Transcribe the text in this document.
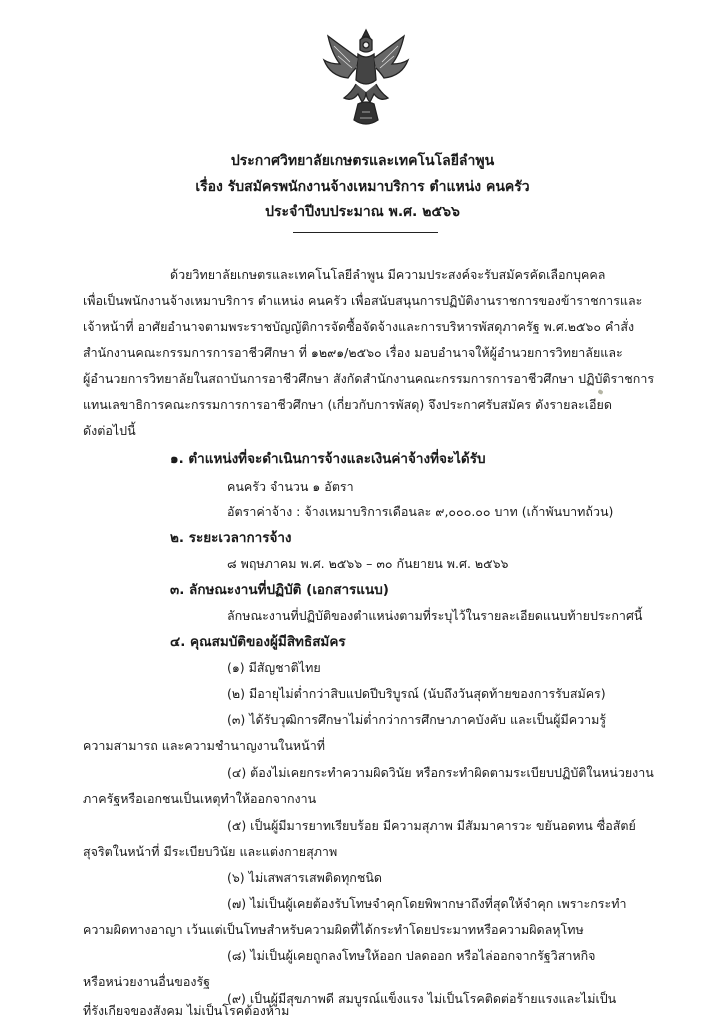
ประกาศวิทยาลัยเกษตรและเทคโนโลยีลำพูน
เรื่อง รับสมัครพนักงานจ้างเหมาบริการ ตำแหน่ง คนครัว
ประจำปีงบประมาณ พ.ศ. ๒๕๖๖
ด้วยวิทยาลัยเกษตรและเทคโนโลยีลำพูน มีความประสงค์จะรับสมัครคัดเลือกบุคคล
เพื่อเป็นพนักงานจ้างเหมาบริการ ตำแหน่ง คนครัว เพื่อสนับสนุนการปฏิบัติงานราชการของข้าราชการและ
เจ้าหน้าที่ อาศัยอำนาจตามพระราชบัญญัติการจัดซื้อจัดจ้างและการบริหารพัสดุภาครัฐ พ.ศ.๒๕๖๐ คำสั่ง
สำนักงานคณะกรรมการการอาชีวศึกษา ที่ ๑๒๙๑/๒๕๖๐ เรื่อง มอบอำนาจให้ผู้อำนวยการวิทยาลัยและ
ผู้อำนวยการวิทยาลัยในสถาบันการอาชีวศึกษา สังกัดสำนักงานคณะกรรมการการอาชีวศึกษา ปฏิบัติราชการ
แทนเลขาธิการคณะกรรมการการอาชีวศึกษา (เกี่ยวกับการพัสดุ) จึงประกาศรับสมัคร ดังรายละเอียด
ดังต่อไปนี้
๑. ตำแหน่งที่จะดำเนินการจ้างและเงินค่าจ้างที่จะได้รับ
คนครัว จำนวน ๑ อัตรา
อัตราค่าจ้าง : จ้างเหมาบริการเดือนละ ๙,๐๐๐.๐๐ บาท (เก้าพันบาทถ้วน)
๒. ระยะเวลาการจ้าง
๘ พฤษภาคม พ.ศ. ๒๕๖๖ – ๓๐ กันยายน พ.ศ. ๒๕๖๖
๓. ลักษณะงานที่ปฏิบัติ (เอกสารแนบ)
ลักษณะงานที่ปฏิบัติของตำแหน่งตามที่ระบุไว้ในรายละเอียดแนบท้ายประกาศนี้
๔. คุณสมบัติของผู้มีสิทธิสมัคร
(๑) มีสัญชาติไทย
(๒) มีอายุไม่ต่ำกว่าสิบแปดปีบริบูรณ์ (นับถึงวันสุดท้ายของการรับสมัคร)
(๓) ได้รับวุฒิการศึกษาไม่ต่ำกว่าการศึกษาภาคบังคับ และเป็นผู้มีความรู้
ความสามารถ และความชำนาญงานในหน้าที่
(๔) ต้องไม่เคยกระทำความผิดวินัย หรือกระทำผิดตามระเบียบปฏิบัติในหน่วยงาน
ภาครัฐหรือเอกชนเป็นเหตุทำให้ออกจากงาน
(๕) เป็นผู้มีมารยาทเรียบร้อย มีความสุภาพ มีสัมมาคารวะ ขยันอดทน ซื่อสัตย์
สุจริตในหน้าที่ มีระเบียบวินัย และแต่งกายสุภาพ
(๖) ไม่เสพสารเสพติดทุกชนิด
(๗) ไม่เป็นผู้เคยต้องรับโทษจำคุกโดยพิพากษาถึงที่สุดให้จำคุก เพราะกระทำ
ความผิดทางอาญา เว้นแต่เป็นโทษสำหรับความผิดที่ได้กระทำโดยประมาทหรือความผิดลหุโทษ
(๘) ไม่เป็นผู้เคยถูกลงโทษให้ออก ปลดออก หรือไล่ออกจากรัฐวิสาหกิจ
หรือหน่วยงานอื่นของรัฐ
(๙) เป็นผู้มีสุขภาพดี สมบูรณ์แข็งแรง ไม่เป็นโรคติดต่อร้ายแรงและไม่เป็น
ที่รังเกียจของสังคม ไม่เป็นโรคต้องห้าม
